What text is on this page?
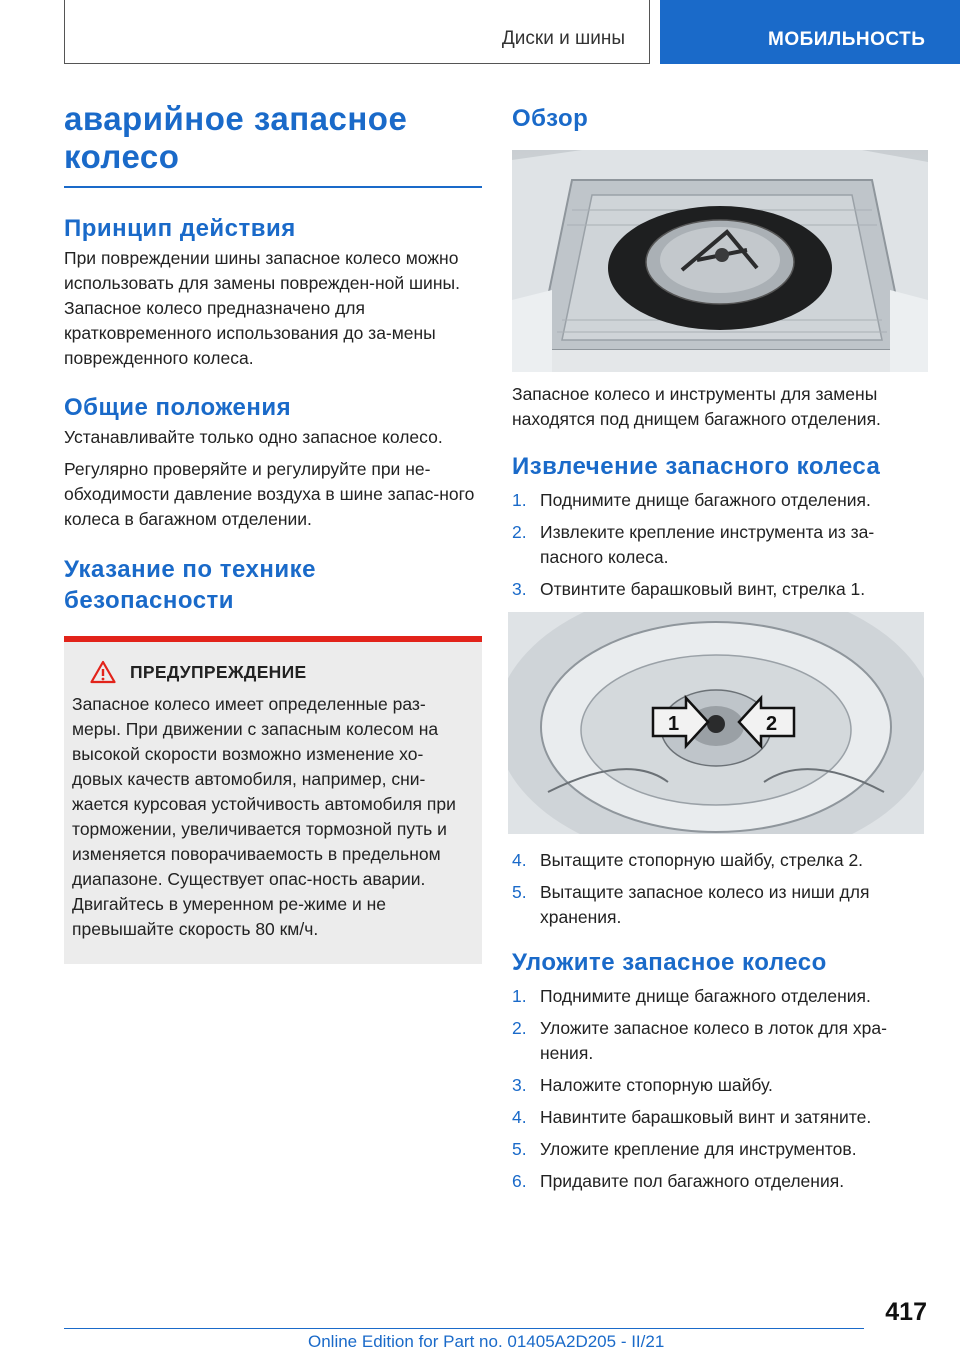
Диски и шины	МОБИЛЬНОСТЬ
аварийное запасное колесо
Принцип действия

При повреждении шины запасное колесо можно использовать для замены поврежден-ной шины. Запасное колесо предназначено для кратковременного использования до за-мены поврежденного колеса.

Общие положения

Устанавливайте только одно запасное колесо.

Регулярно проверяйте и регулируйте при не-обходимости давление воздуха в шине запас-ного колеса в багажном отделении.

Указание по технике безопасности
ПРЕДУПРЕЖДЕНИЕ

Запасное колесо имеет определенные раз-меры. При движении с запасным колесом на высокой скорости возможно изменение хо-довых качеств автомобиля, например, сни-жается курсовая устойчивость автомобиля при торможении, увеличивается тормозной путь и изменяется поворачиваемость в предельном диапазоне. Существует опас-ность аварии. Двигайтесь в умеренном ре-жиме и не превышайте скорость 80 км/ч.

Обзор

Запасное колесо и инструменты для замены находятся под днищем багажного отделения.

Извлечение запасного колеса
1. Поднимите днище багажного отделения.
2. Извлеките крепление инструмента из за-пасного колеса.
3. Отвинтите барашковый винт, стрелка 1.
1	2
4. Вытащите стопорную шайбу, стрелка 2.
5. Вытащите запасное колесо из ниши для хранения.
Уложите запасное колесо
1. Поднимите днище багажного отделения.
2. Уложите запасное колесо в лоток для хра-нения.
3. Наложите стопорную шайбу.
4. Навинтите барашковый винт и затяните.
5. Уложите крепление для инструментов.
6. Придавите пол багажного отделения.
417
Online Edition for Part no. 01405A2D205 - II/21
